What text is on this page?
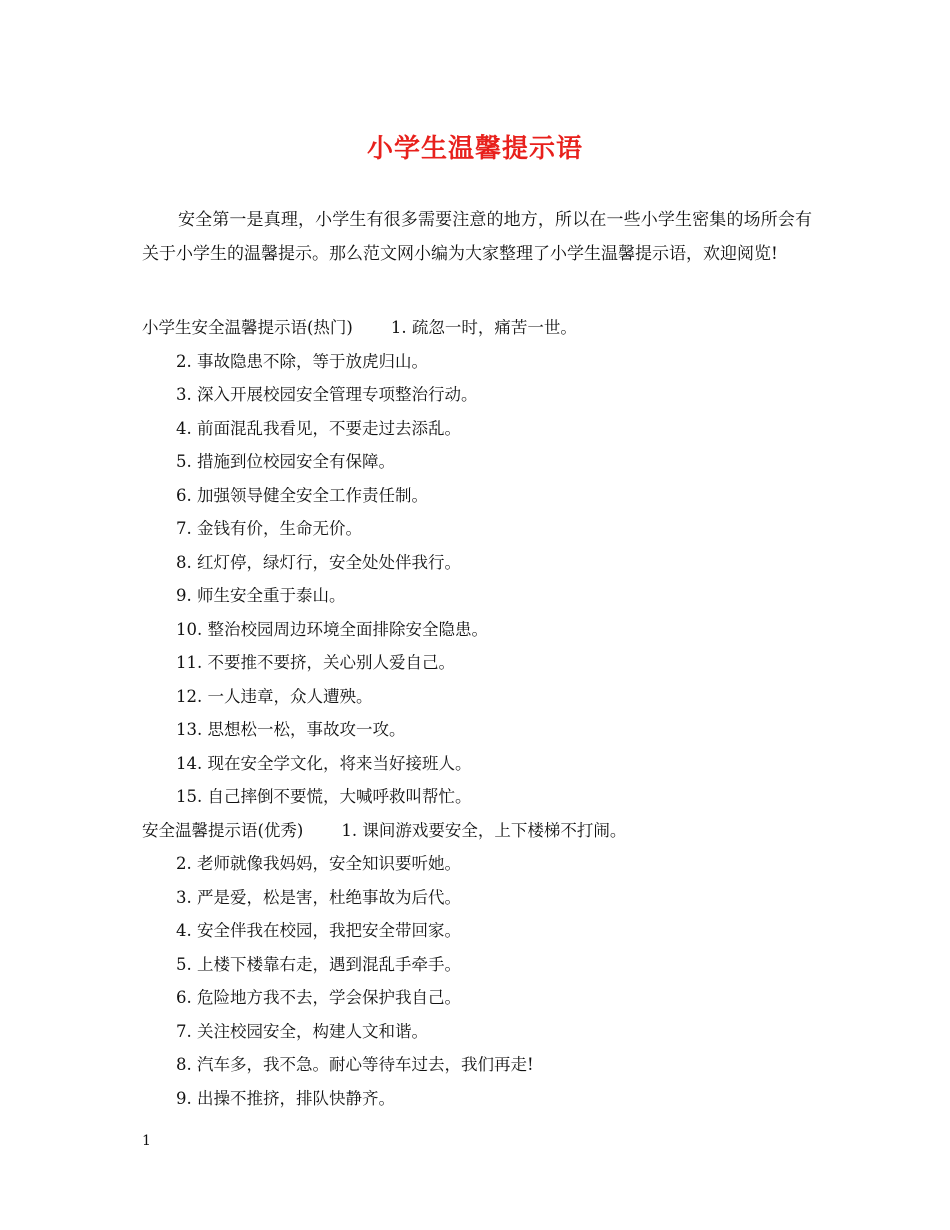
小学生温馨提示语
安全第一是真理，小学生有很多需要注意的地方，所以在一些小学生密集的场所会有关于小学生的温馨提示。那么范文网小编为大家整理了小学生温馨提示语，欢迎阅览!
小学生安全温馨提示语(热门) 1. 疏忽一时，痛苦一世。
2. 事故隐患不除，等于放虎归山。
3. 深入开展校园安全管理专项整治行动。
4. 前面混乱我看见，不要走过去添乱。
5. 措施到位校园安全有保障。
6. 加强领导健全安全工作责任制。
7. 金钱有价，生命无价。
8. 红灯停，绿灯行，安全处处伴我行。
9. 师生安全重于泰山。
10. 整治校园周边环境全面排除安全隐患。
11. 不要推不要挤，关心别人爱自己。
12. 一人违章，众人遭殃。
13. 思想松一松，事故攻一攻。
14. 现在安全学文化，将来当好接班人。
15. 自己摔倒不要慌，大喊呼救叫帮忙。
安全温馨提示语(优秀) 1. 课间游戏要安全，上下楼梯不打闹。
2. 老师就像我妈妈，安全知识要听她。
3. 严是爱，松是害，杜绝事故为后代。
4. 安全伴我在校园，我把安全带回家。
5. 上楼下楼靠右走，遇到混乱手牵手。
6. 危险地方我不去，学会保护我自己。
7. 关注校园安全，构建人文和谐。
8. 汽车多，我不急。耐心等待车过去，我们再走!
9. 出操不推挤，排队快静齐。
1
